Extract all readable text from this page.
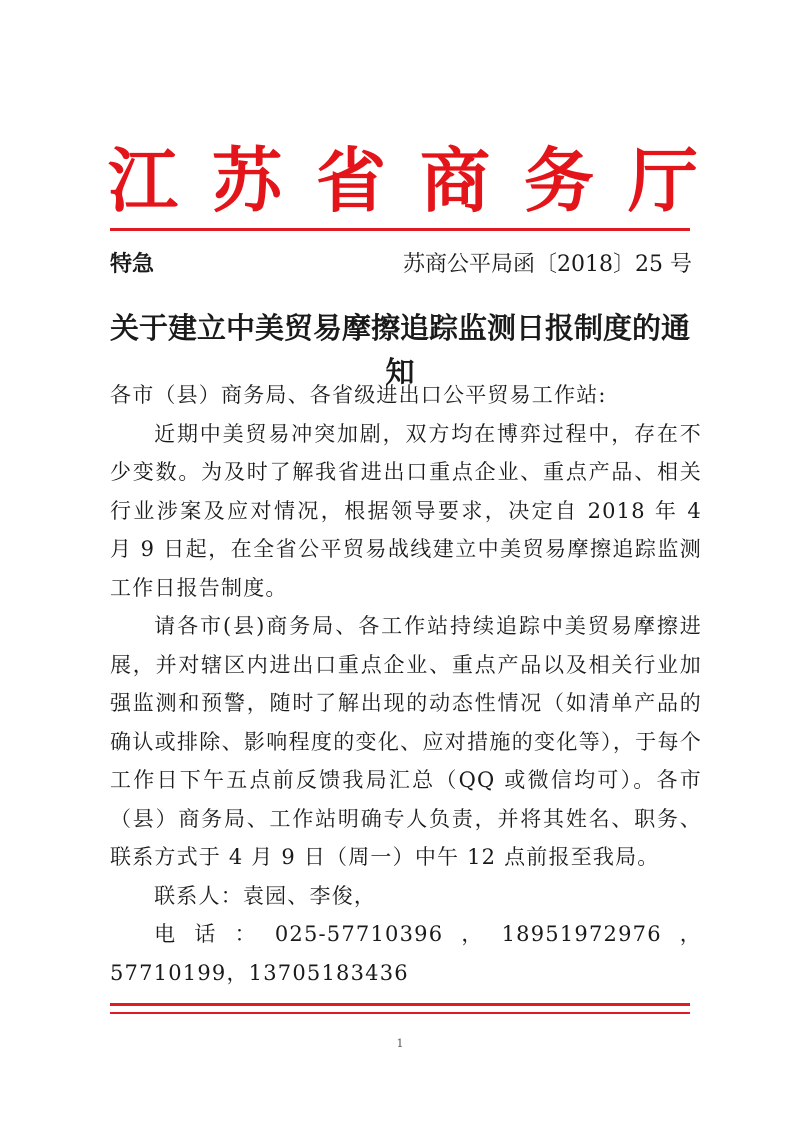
江 苏 省 商 务 厅
特急	苏商公平局函〔2018〕25 号
关于建立中美贸易摩擦追踪监测日报制度的通知

各市（县）商务局、各省级进出口公平贸易工作站:

近期中美贸易冲突加剧，双方均在博弈过程中，存在不少变数。为及时了解我省进出口重点企业、重点产品、相关行业涉案及应对情况，根据领导要求，决定自 2018 年 4 月 9 日起，在全省公平贸易战线建立中美贸易摩擦追踪监测工作日报告制度。

请各市(县)商务局、各工作站持续追踪中美贸易摩擦进展，并对辖区内进出口重点企业、重点产品以及相关行业加强监测和预警，随时了解出现的动态性情况（如清单产品的确认或排除、影响程度的变化、应对措施的变化等），于每个工作日下午五点前反馈我局汇总（QQ 或微信均可）。各市（县）商务局、工作站明确专人负责，并将其姓名、职务、联系方式于 4 月 9 日（周一）中午 12 点前报至我局。

联系人：袁园、李俊，

电话：025-57710396，18951972976，57710199，13705183436

1
